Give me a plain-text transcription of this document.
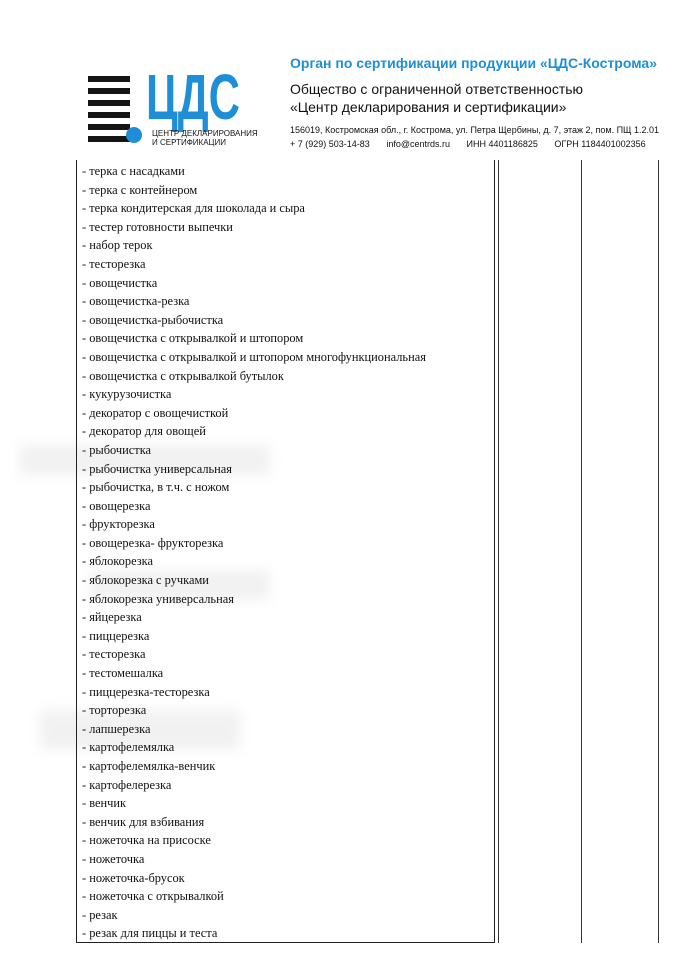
ЦДС
ЦЕНТР ДЕКЛАРИРОВАНИЯ
И СЕРТИФИКАЦИИ
Орган по сертификации продукции «ЦДС-Кострома»
Общество с ограниченной ответственностью
«Центр декларирования и сертификации»
156019, Костромская обл., г. Кострома, ул. Петра Щербины, д. 7, этаж 2, пом. ПЩ 1.2.01
+ 7 (929) 503-14-83 info@centrds.ru ИНН 4401186825 ОГРН 1184401002356
- терка с насадками
- терка с контейнером
- терка кондитерская для шоколада и сыра
- тестер готовности выпечки
- набор терок
- тесторезка
- овощечистка
- овощечистка-резка
- овощечистка-рыбочистка
- овощечистка с открывалкой и штопором
- овощечистка с открывалкой и штопором многофункциональная
- овощечистка с открывалкой бутылок
- кукурузочистка
- декоратор с овощечисткой
- декоратор для овощей
- рыбочистка
- рыбочистка универсальная
- рыбочистка, в т.ч. с ножом
- овощерезка
- фрукторезка
- овощерезка- фрукторезка
- яблокорезка
- яблокорезка с ручками
- яблокорезка универсальная
- яйцерезка
- пиццерезка
- тесторезка
- тестомешалка
- пиццерезка-тесторезка
- торторезка
- лапшерезка
- картофелемялка
- картофелемялка-венчик
- картофелерезка
- венчик
- венчик для взбивания
- ножеточка на присоске
- ножеточка
- ножеточка-брусок
- ножеточка с открывалкой
- резак
- резак для пиццы и теста
